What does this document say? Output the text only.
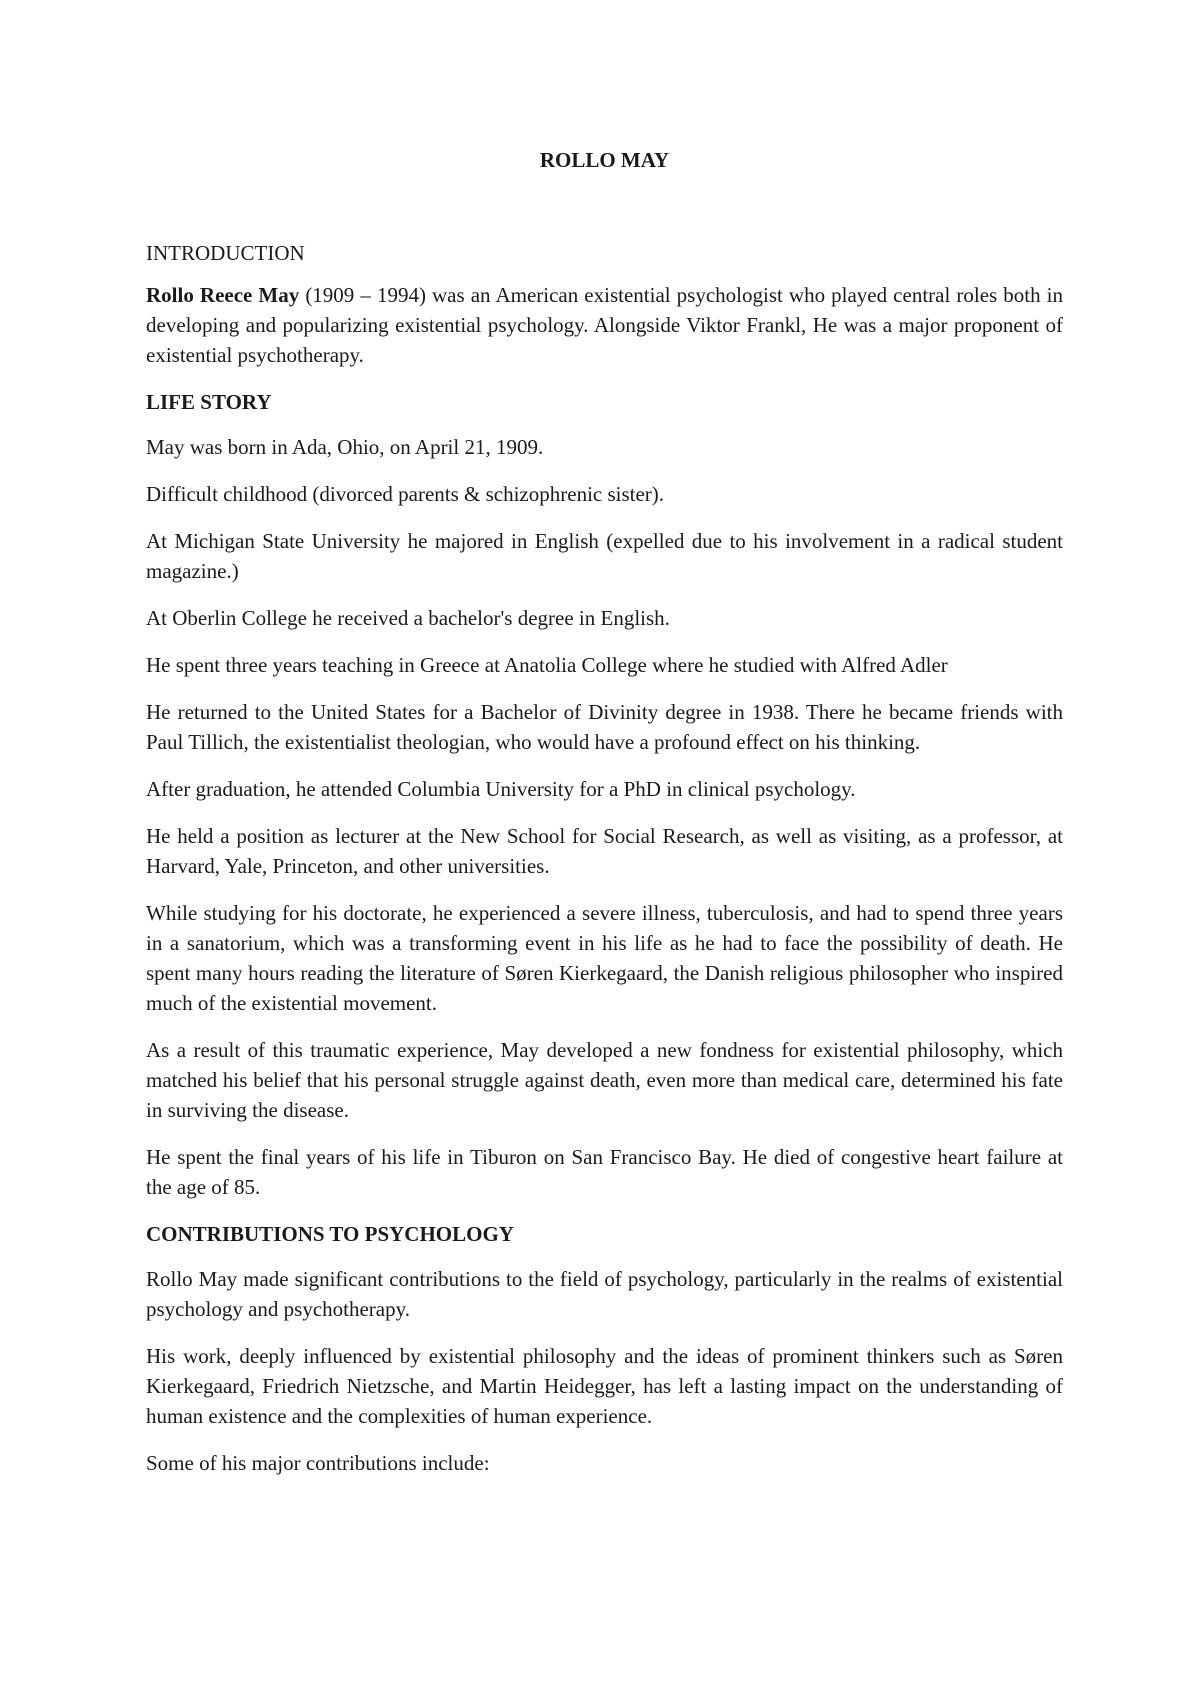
ROLLO MAY

INTRODUCTION

Rollo Reece May (1909 – 1994) was an American existential psychologist who played central roles both in developing and popularizing existential psychology. Alongside Viktor Frankl, He was a major proponent of existential psychotherapy.

LIFE STORY

May was born in Ada, Ohio, on April 21, 1909.

Difficult childhood (divorced parents & schizophrenic sister).

At Michigan State University he majored in English (expelled due to his involvement in a radical student magazine.)

At Oberlin College he received a bachelor's degree in English.

He spent three years teaching in Greece at Anatolia College where he studied with Alfred Adler

He returned to the United States for a Bachelor of Divinity degree in 1938. There he became friends with Paul Tillich, the existentialist theologian, who would have a profound effect on his thinking.

After graduation, he attended Columbia University for a PhD in clinical psychology.

He held a position as lecturer at the New School for Social Research, as well as visiting, as a professor, at Harvard, Yale, Princeton, and other universities.

While studying for his doctorate, he experienced a severe illness, tuberculosis, and had to spend three years in a sanatorium, which was a transforming event in his life as he had to face the possibility of death. He spent many hours reading the literature of Søren Kierkegaard, the Danish religious philosopher who inspired much of the existential movement.

As a result of this traumatic experience, May developed a new fondness for existential philosophy, which matched his belief that his personal struggle against death, even more than medical care, determined his fate in surviving the disease.

He spent the final years of his life in Tiburon on San Francisco Bay. He died of congestive heart failure at the age of 85.

CONTRIBUTIONS TO PSYCHOLOGY

Rollo May made significant contributions to the field of psychology, particularly in the realms of existential psychology and psychotherapy.

His work, deeply influenced by existential philosophy and the ideas of prominent thinkers such as Søren Kierkegaard, Friedrich Nietzsche, and Martin Heidegger, has left a lasting impact on the understanding of human existence and the complexities of human experience.

Some of his major contributions include:
